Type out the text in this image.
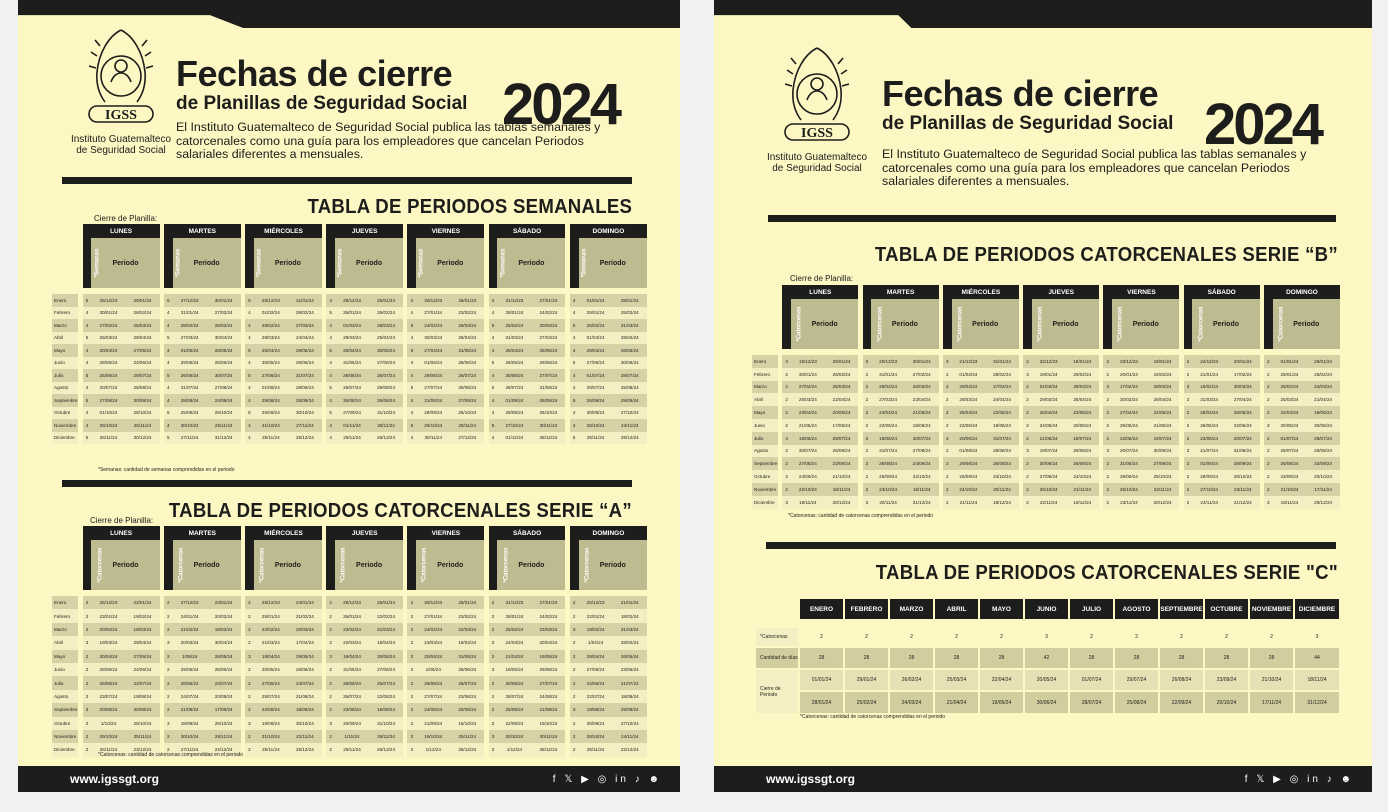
IGSS
Instituto Guatemalteco
de Seguridad Social
Fechas de cierre
de Planillas de Seguridad Social 2024
El Instituto Guatemalteco de Seguridad Social publica las tablas semanales y catorcenales como una guía para los empleadores que cancelan Periodos salariales diferentes a mensuales.
TABLA DE PERIODOS SEMANALES
Cierre de Planilla:
		LUNES				MARTES				MIÉRCOLES				JUEVES				VIERNES				SÁBADO				DOMINGO		
		*Semanas	Periodo			*Semanas	Periodo			*Semanas	Periodo			*Semanas	Periodo			*Semanas	Periodo			*Semanas	Periodo			*Semanas	Periodo	

Enero		5	26/12/23	29/01/24		5	27/12/23	30/01/24		5	28/12/23	31/01/24		4	29/12/23	25/01/24		4	30/12/23	26/01/24		4	31/12/23	27/01/24		4	01/01/24	28/01/24
Febrero		4	30/01/24	26/02/24		4	31/01/24	27/02/24		4	01/02/24	28/02/24		5	26/01/24	29/02/24		4	27/01/24	23/02/24		4	28/01/24	24/02/24		4	29/01/24	25/02/24
Marzo		4	27/02/24	25/03/24		4	28/02/24	26/03/24		4	29/02/24	27/03/24		4	01/03/24	28/03/24		5	24/02/24	29/03/24		5	25/02/24	30/03/24		5	26/02/24	31/03/24
Abril		5	26/03/24	29/04/24		5	27/03/24	30/04/24		4	28/03/24	24/04/24		4	29/03/24	25/04/24		4	30/03/24	26/04/24		4	31/03/24	27/04/24		4	01/04/24	28/04/24
Mayo		4	30/04/24	27/05/24		4	01/05/24	28/05/24		5	25/04/24	29/05/24		5	26/04/24	30/05/24		5	27/04/24	31/05/24		4	28/04/24	25/05/24		4	29/04/24	26/05/24
Junio		4	28/05/24	24/06/24		4	29/05/24	25/06/24		4	30/05/24	26/06/24		4	31/05/24	27/06/24		4	01/06/24	28/06/24		5	26/05/24	29/06/24		5	27/05/24	30/06/24
Julio		5	25/06/24	29/07/24		5	26/06/24	30/07/24		5	27/06/24	31/07/24		4	28/06/24	25/07/24		4	29/06/24	26/07/24		4	30/06/24	27/07/24		4	01/07/24	28/07/24
Agosto		4	30/07/24	26/08/24		4	31/07/24	27/08/24		4	01/08/24	28/08/24		5	26/07/24	29/08/24		5	27/07/24	30/08/24		5	28/07/24	31/08/24		4	29/07/24	25/08/24
Septiembre		5	27/08/24	30/09/24		4	28/08/24	24/09/24		4	29/08/24	25/09/24		4	30/08/24	26/09/24		4	31/08/24	27/09/24		4	01/09/24	28/09/24		5	26/08/24	29/09/24
Octubre		4	01/10/24	28/10/24		5	25/09/24	29/10/24		5	26/09/24	30/10/24		5	27/09/24	31/10/24		4	28/09/24	25/10/24		4	29/09/24	26/10/24		4	30/09/24	27/10/24
Noviembre		4	29/10/24	25/11/24		4	30/10/24	26/11/24		4	31/10/24	27/11/24		4	01/11/24	28/11/24		5	26/10/24	29/11/24		5	27/10/24	30/11/24		4	28/10/24	24/11/24
Diciembre		5	26/11/24	30/12/24		5	27/11/24	31/12/24		4	28/11/24	25/12/24		4	29/11/24	26/12/24		4	30/11/24	27/12/24		4	01/12/24	28/12/24		5	25/11/24	29/12/24
*Semanas: cantidad de semanas comprendidas en el periodo
TABLA DE PERIODOS CATORCENALES SERIE “A”
Cierre de Planilla:
		LUNES				MARTES				MIÉRCOLES				JUEVES				VIERNES				SÁBADO				DOMINGO		
		*Catorcenas	Periodo			*Catorcenas	Periodo			*Catorcenas	Periodo			*Catorcenas	Periodo			*Catorcenas	Periodo			*Catorcenas	Periodo			*Catorcenas	Periodo	

Enero		2	26/12/23	22/01/24		2	27/12/23	23/01/24		2	28/12/23	24/01/24		2	29/12/23	25/01/24		2	30/12/23	26/01/24		2	31/12/23	27/01/24		2	25/12/23	21/01/24
Febrero		2	23/01/24	19/02/24		2	24/01/24	20/02/24		2	25/01/24	21/02/24		2	26/01/24	22/02/24		2	27/01/24	23/02/24		2	28/01/24	24/02/24		2	22/01/24	18/02/24
Marzo		2	20/02/24	18/03/24		2	21/02/24	19/03/24		2	22/02/24	20/03/24		2	23/02/24	21/03/24		2	24/02/24	22/03/24		2	25/02/24	23/03/24		3	19/02/24	31/03/24
Abril		3	19/03/24	29/04/24		3	20/03/24	30/04/24		2	21/03/24	17/04/24		2	22/03/24	18/04/24		2	23/03/24	19/04/24		2	24/03/24	20/04/24		2	1/04/24	28/04/24
Mayo		2	30/04/24	27/05/24		2	1/05/24	28/05/24		3	18/04/24	29/05/24		3	19/04/24	30/05/24		3	20/04/24	31/05/24		2	21/04/24	18/05/24		2	29/04/24	26/05/24
Junio		2	28/05/24	24/06/24		2	29/05/24	25/06/24		2	30/05/24	26/06/24		2	31/05/24	27/06/24		2	1/06/24	28/06/24		3	19/05/24	29/06/24		2	27/05/24	23/06/24
Julio		2	25/06/24	22/07/24		2	26/06/24	23/07/24		2	27/06/24	24/07/24		2	28/06/24	25/07/24		2	29/06/24	26/07/24		2	30/06/24	27/07/24		2	24/06/24	21/07/24
Agosto		2	23/07/24	19/08/24		2	24/07/24	20/08/24		2	25/07/24	21/08/24		2	26/07/24	22/08/24		2	27/07/24	23/08/24		2	28/07/24	24/08/24		2	22/07/24	18/08/24
Septiembre		3	20/08/24	30/09/24		2	21/08/24	17/09/24		2	22/08/24	18/09/24		2	23/08/24	19/09/24		2	24/08/24	20/09/24		2	25/08/24	21/09/24		3	19/08/24	29/09/24
Octubre		2	1/10/24	28/10/24		3	18/09/24	29/10/24		3	19/09/24	30/10/24		3	20/09/24	31/10/24		2	21/09/24	18/10/24		2	22/09/24	19/10/24		2	30/09/24	27/10/24
Noviembre		2	29/10/24	25/11/24		2	30/10/24	26/11/24		2	31/10/24	22/11/24		2	1/11/24	28/11/24		3	19/10/24	29/11/24		3	20/10/24	30/11/24		2	28/10/24	24/11/24
Diciembre		2	26/11/24	23/12/24		2	27/11/24	24/12/24		2	28/11/24	25/12/24		2	29/11/24	26/12/24		2	1/12/24	28/12/24		2	1/12/24	28/12/24		2	25/11/24	22/12/24
*Catorcenas: cantidad de catorcenas comprendidas en el periodo
www.igssgt.org	f 𝕏 ▶ ◎ in ♪ ☻
IGSS
Instituto Guatemalteco
de Seguridad Social
Fechas de cierre
de Planillas de Seguridad Social 2024
El Instituto Guatemalteco de Seguridad Social publica las tablas semanales y catorcenales como una guía para los empleadores que cancelan Periodos salariales diferentes a mensuales.
TABLA DE PERIODOS CATORCENALES SERIE “B”
Cierre de Planilla:
		LUNES				MARTES				MIÉRCOLES				JUEVES				VIERNES				SÁBADO				DOMINGO		
		*Catorcenas	Periodo			*Catorcenas	Periodo			*Catorcenas	Periodo			*Catorcenas	Periodo			*Catorcenas	Periodo			*Catorcenas	Periodo			*Catorcenas	Periodo	

Enero		3	19/12/23	29/01/24		3	20/12/23	30/01/24		3	21/12/23	31/01/24		2	22/12/23	18/01/24		2	23/12/23	19/01/24		2	24/12/23	20/01/24		2	01/01/24	28/01/24
Febrero		2	30/01/24	26/02/24		2	31/01/24	27/02/24		2	01/02/24	28/02/24		3	19/01/24	29/02/24		2	20/01/24	16/02/24		2	21/01/24	17/02/24		2	29/01/24	25/02/24
Marzo		2	27/02/24	25/03/24		2	28/02/24	26/03/24		2	29/02/24	27/03/24		2	01/03/24	28/03/24		3	17/02/24	29/03/24		3	18/02/24	30/03/24		2	26/02/24	24/03/24
Abril		2	26/03/24	22/04/24		2	27/03/24	23/04/24		2	28/03/24	24/04/24		2	29/03/24	25/04/24		2	30/03/24	26/04/24		2	31/03/24	27/04/24		2	25/03/24	21/04/24
Mayo		2	23/04/24	20/05/24		2	24/04/24	21/05/24		2	25/04/24	22/05/24		2	26/04/24	23/05/24		2	27/04/24	24/05/24		2	28/04/24	25/05/24		2	22/04/24	19/05/24
Junio		2	21/05/24	17/06/24		2	22/05/24	18/06/24		2	23/05/24	19/06/24		2	24/05/24	20/06/24		2	25/05/24	21/06/24		2	26/05/24	22/06/24		3	20/05/24	30/06/24
Julio		3	18/06/24	29/07/24		3	19/06/24	30/07/24		3	20/06/24	31/07/24		2	21/06/24	18/07/24		2	22/06/24	19/07/24		2	23/06/24	20/07/24		2	01/07/24	28/07/24
Agosto		2	30/07/24	26/08/24		2	31/07/24	27/08/24		2	01/08/24	28/08/24		3	19/07/24	29/08/24		3	20/07/24	30/08/24		3	21/07/24	31/08/24		2	29/07/24	25/08/24
Septiembre		2	27/08/24	23/09/24		2	28/08/24	24/09/24		2	29/08/24	25/09/24		2	30/08/24	26/09/24		2	31/08/24	27/09/24		2	01/09/24	28/09/24		2	26/08/24	22/09/24
Octubre		2	24/09/24	21/10/24		2	25/09/24	22/10/24		2	26/09/24	23/10/24		2	27/09/24	24/10/24		2	28/09/24	25/10/24		2	29/09/24	26/10/24		2	23/09/24	20/10/24
Noviembre		2	22/10/24	18/11/24		2	23/10/24	19/11/24		2	24/10/24	20/11/24		2	25/10/24	21/11/24		2	26/10/24	22/11/24		2	27/10/24	23/11/24		2	21/10/24	17/11/24
Diciembre		3	19/11/24	30/12/24		3	20/11/24	31/12/24		2	21/11/24	18/12/24		2	22/11/24	19/12/24		2	23/11/24	20/12/24		2	24/11/24	21/12/24		3	18/11/24	29/12/24
*Catorcenas: cantidad de catorcenas comprendidas en el periodo
TABLA DE PERIODOS CATORCENALES SERIE "C"
	ENERO	FEBRERO	MARZO	ABRIL	MAYO	JUNIO	JULIO	AGOSTO	SEPTIEMBRE	OCTUBRE	NOVIEMBRE	DICIEMBRE

*Catorcenas	2	2	2	2	2	3	2	2	2	2	2	3
Cantidad de días	28	28	28	28	28	42	28	28	28	28	28	44
Cierre de Periodo	01/01/24	29/01/24	26/02/24	25/03/24	22/04/24	20/05/24	01/07/24	29/07/24	26/08/24	23/09/24	21/10/24	18/11/24
	28/01/24	25/02/24	24/03/24	21/04/24	19/05/24	30/06/24	28/07/24	25/08/24	22/09/24	20/10/24	17/11/24	31/12/24
*Catorcenas: cantidad de catorcenas comprendidas en el periodo
www.igssgt.org	f 𝕏 ▶ ◎ in ♪ ☻
